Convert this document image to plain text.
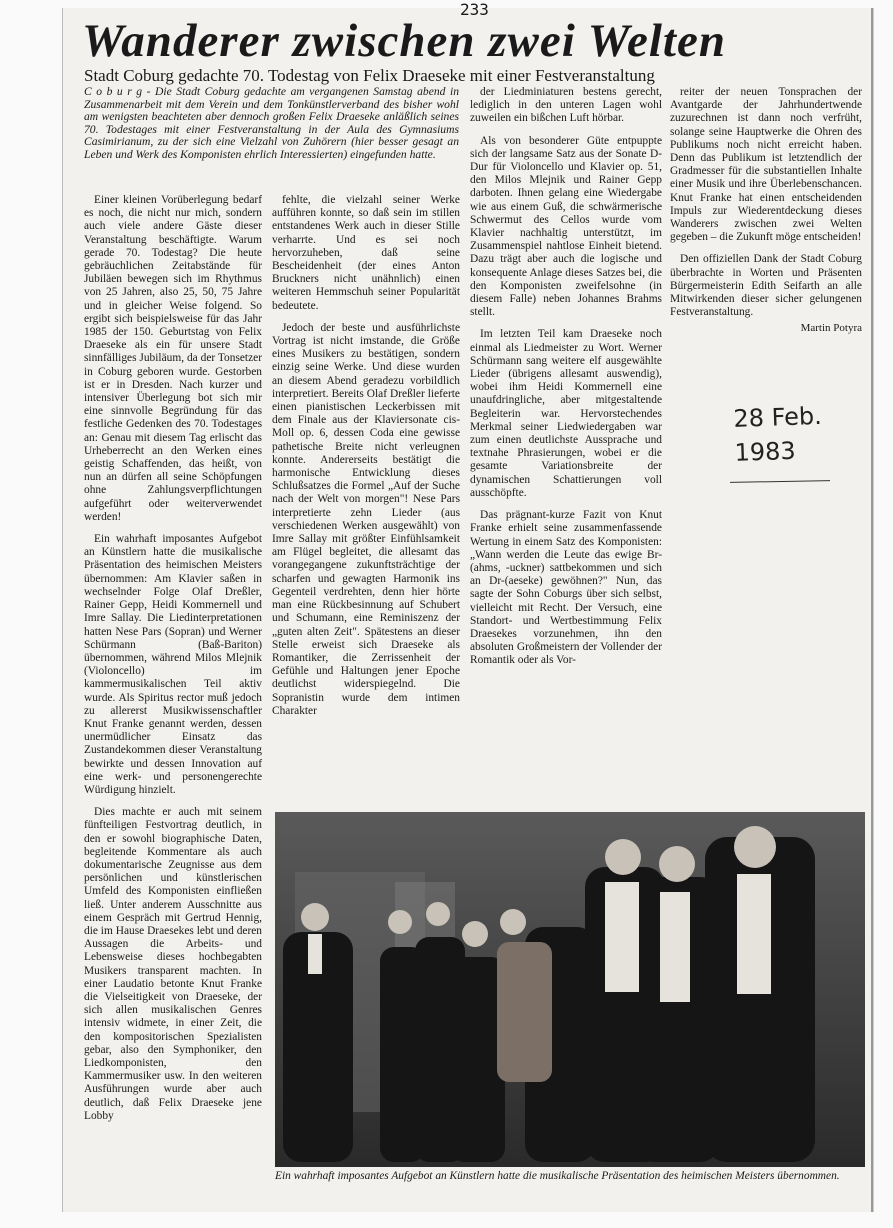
233
Wanderer zwischen zwei Welten
Stadt Coburg gedachte 70. Todestag von Felix Draeseke mit einer Festveranstaltung
C o b u r g - Die Stadt Coburg gedachte am vergangenen Samstag abend in Zusammenarbeit mit dem Verein und dem Tonkünstlerverband des bisher wohl am wenigsten beachteten aber dennoch großen Felix Draeseke anläßlich seines 70. Todestages mit einer Festveranstaltung in der Aula des Gymnasiums Casimirianum, zu der sich eine Vielzahl von Zuhörern (hier besser gesagt an Leben und Werk des Komponisten ehrlich Interessierten) eingefunden hatte.

Einer kleinen Vorüberlegung bedarf es noch, die nicht nur mich, sondern auch viele andere Gäste dieser Veranstaltung beschäftigte. Warum gerade 70. Todestag? Die heute gebräuchlichen Zeitabstände für Jubiläen bewegen sich im Rhythmus von 25 Jahren, also 25, 50, 75 Jahre und in gleicher Weise folgend. So ergibt sich beispielsweise für das Jahr 1985 der 150. Geburtstag von Felix Draeseke als ein für unsere Stadt sinnfälliges Jubiläum, da der Tonsetzer in Coburg geboren wurde. Gestorben ist er in Dresden. Nach kurzer und intensiver Überlegung bot sich mir eine sinnvolle Begründung für das festliche Gedenken des 70. Todestages an: Genau mit diesem Tag erlischt das Urheberrecht an den Werken eines geistig Schaffenden, das heißt, von nun an dürfen all seine Schöpfungen ohne Zahlungsverpflichtungen aufgeführt oder weiterverwendet werden!

Ein wahrhaft imposantes Aufgebot an Künstlern hatte die musikalische Präsentation des heimischen Meisters übernommen: Am Klavier saßen in wechselnder Folge Olaf Dreßler, Rainer Gepp, Heidi Kommernell und Imre Sallay. Die Liedinterpretationen hatten Nese Pars (Sopran) und Werner Schürmann (Baß-Bariton) übernommen, während Milos Mlejnik (Violoncello) im kammermusikalischen Teil aktiv wurde. Als Spiritus rector muß jedoch zu allererst Musikwissenschaftler Knut Franke genannt werden, dessen unermüdlicher Einsatz das Zustandekommen dieser Veranstaltung bewirkte und dessen Innovation auf eine werk- und personengerechte Würdigung hinzielt.

Dies machte er auch mit seinem fünfteiligen Festvortrag deutlich, in den er sowohl biographische Daten, begleitende Kommentare als auch dokumentarische Zeugnisse aus dem persönlichen und künstlerischen Umfeld des Komponisten einfließen ließ. Unter anderem Ausschnitte aus einem Gespräch mit Gertrud Hennig, die im Hause Draesekes lebt und deren Aussagen die Arbeits- und Lebensweise dieses hochbegabten Musikers transparent machten. In einer Laudatio betonte Knut Franke die Vielseitigkeit von Draeseke, der sich allen musikalischen Genres intensiv widmete, in einer Zeit, die den kompositorischen Spezialisten gebar, also den Symphoniker, den Liedkomponisten, den Kammermusiker usw. In den weiteren Ausführungen wurde aber auch deutlich, daß Felix Draeseke jene Lobby

fehlte, die vielzahl seiner Werke aufführen konnte, so daß sein im stillen entstandenes Werk auch in dieser Stille verharrte. Und es sei noch hervorzuheben, daß seine Bescheidenheit (der eines Anton Bruckners nicht unähnlich) einen weiteren Hemmschuh seiner Popularität bedeutete.

Jedoch der beste und ausführlichste Vortrag ist nicht imstande, die Größe eines Musikers zu bestätigen, sondern einzig seine Werke. Und diese wurden an diesem Abend geradezu vorbildlich interpretiert. Bereits Olaf Dreßler lieferte einen pianistischen Leckerbissen mit dem Finale aus der Klaviersonate cis-Moll op. 6, dessen Coda eine gewisse pathetische Breite nicht verleugnen konnte. Andererseits bestätigt die harmonische Entwicklung dieses Schlußsatzes die Formel „Auf der Suche nach der Welt von morgen"! Nese Pars interpretierte zehn Lieder (aus verschiedenen Werken ausgewählt) von Imre Sallay mit größter Einfühlsamkeit am Flügel begleitet, die allesamt das vorangegangene zukunftsträchtige der scharfen und gewagten Harmonik ins Gegenteil verdrehten, denn hier hörte man eine Rückbesinnung auf Schubert und Schumann, eine Reminiszenz der „guten alten Zeit". Spätestens an dieser Stelle erweist sich Draeseke als Romantiker, die Zerrissenheit der Gefühle und Haltungen jener Epoche deutlichst widerspiegelnd. Die Sopranistin wurde dem intimen Charakter

der Liedminiaturen bestens gerecht, lediglich in den unteren Lagen wohl zuweilen ein bißchen Luft hörbar.

Als von besonderer Güte entpuppte sich der langsame Satz aus der Sonate D-Dur für Violoncello und Klavier op. 51, den Milos Mlejnik und Rainer Gepp darboten. Ihnen gelang eine Wiedergabe wie aus einem Guß, die schwärmerische Schwermut des Cellos wurde vom Klavier nachhaltig unterstützt, im Zusammenspiel nahtlose Einheit bietend. Dazu trägt aber auch die logische und konsequente Anlage dieses Satzes bei, die den Komponisten zweifelsohne (in diesem Falle) neben Johannes Brahms stellt.

Im letzten Teil kam Draeseke noch einmal als Liedmeister zu Wort. Werner Schürmann sang weitere elf ausgewählte Lieder (übrigens allesamt auswendig), wobei ihm Heidi Kommernell eine unaufdringliche, aber mitgestaltende Begleiterin war. Hervorstechendes Merkmal seiner Liedwiedergaben war zum einen deutlichste Aussprache und textnahe Phrasierungen, wobei er die gesamte Variationsbreite der dynamischen Schattierungen voll ausschöpfte.

Das prägnant-kurze Fazit von Knut Franke erhielt seine zusammenfassende Wertung in einem Satz des Komponisten: „Wann werden die Leute das ewige Br-(ahms, -uckner) sattbekommen und sich an Dr-(aeseke) gewöhnen?" Nun, das sagte der Sohn Coburgs über sich selbst, vielleicht mit Recht. Der Versuch, eine Standort- und Wertbestimmung Felix Draesekes vorzunehmen, ihn den absoluten Großmeistern der Vollender der Romantik oder als Vor-

reiter der neuen Tonsprachen der Avantgarde der Jahrhundertwende zuzurechnen ist dann noch verfrüht, solange seine Hauptwerke die Ohren des Publikums noch nicht erreicht haben. Denn das Publikum ist letztendlich der Gradmesser für die substantiellen Inhalte einer Musik und ihre Überlebenschancen. Knut Franke hat einen entscheidenden Impuls zur Wiederentdeckung dieses Wanderers zwischen zwei Welten gegeben – die Zukunft möge entscheiden!

Den offiziellen Dank der Stadt Coburg überbrachte in Worten und Präsenten Bürgermeisterin Edith Seifarth an alle Mitwirkenden dieser sicher gelungenen Festveranstaltung.

Martin Potyra
28 Feb.
1983
Ein wahrhaft imposantes Aufgebot an Künstlern hatte die musikalische Präsentation des heimischen Meisters übernommen.
